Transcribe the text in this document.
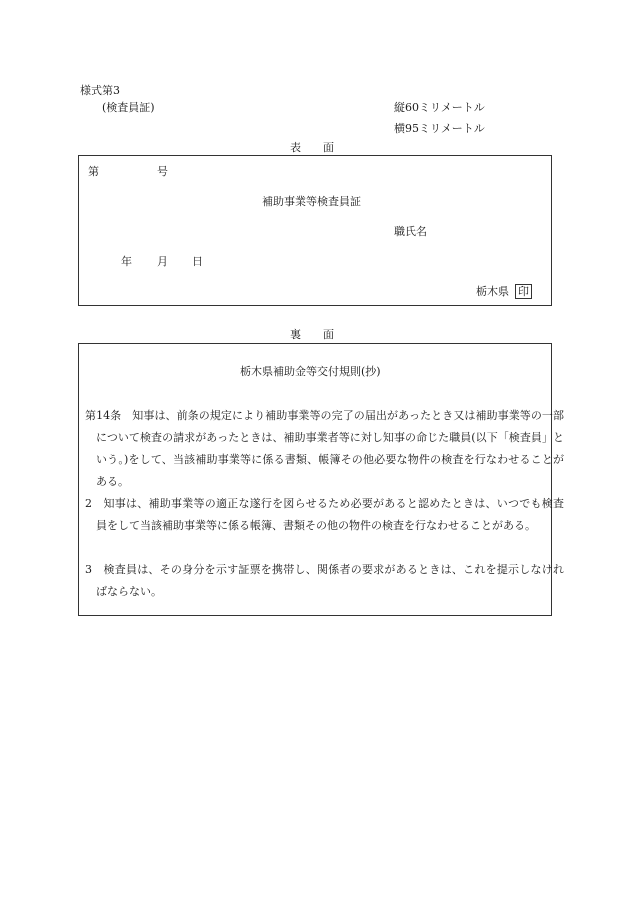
様式第3
(検査員証)	縦60ミリメートル
横95ミリメートル
表　　面
第	号
補助事業等検査員証
職氏名
年 月 日
栃木県 印
裏　　面
栃木県補助金等交付規則(抄)
第14条　知事は、前条の規定により補助事業等の完了の届出があったとき又は補助事業等の一部について検査の請求があったときは、補助事業者等に対し知事の命じた職員(以下「検査員」という。)をして、当該補助事業等に係る書類、帳簿その他必要な物件の検査を行なわせることがある。
2　知事は、補助事業等の適正な遂行を図らせるため必要があると認めたときは、いつでも検査員をして当該補助事業等に係る帳簿、書類その他の物件の検査を行なわせることがある。
3　検査員は、その身分を示す証票を携帯し、関係者の要求があるときは、これを提示しなければならない。
